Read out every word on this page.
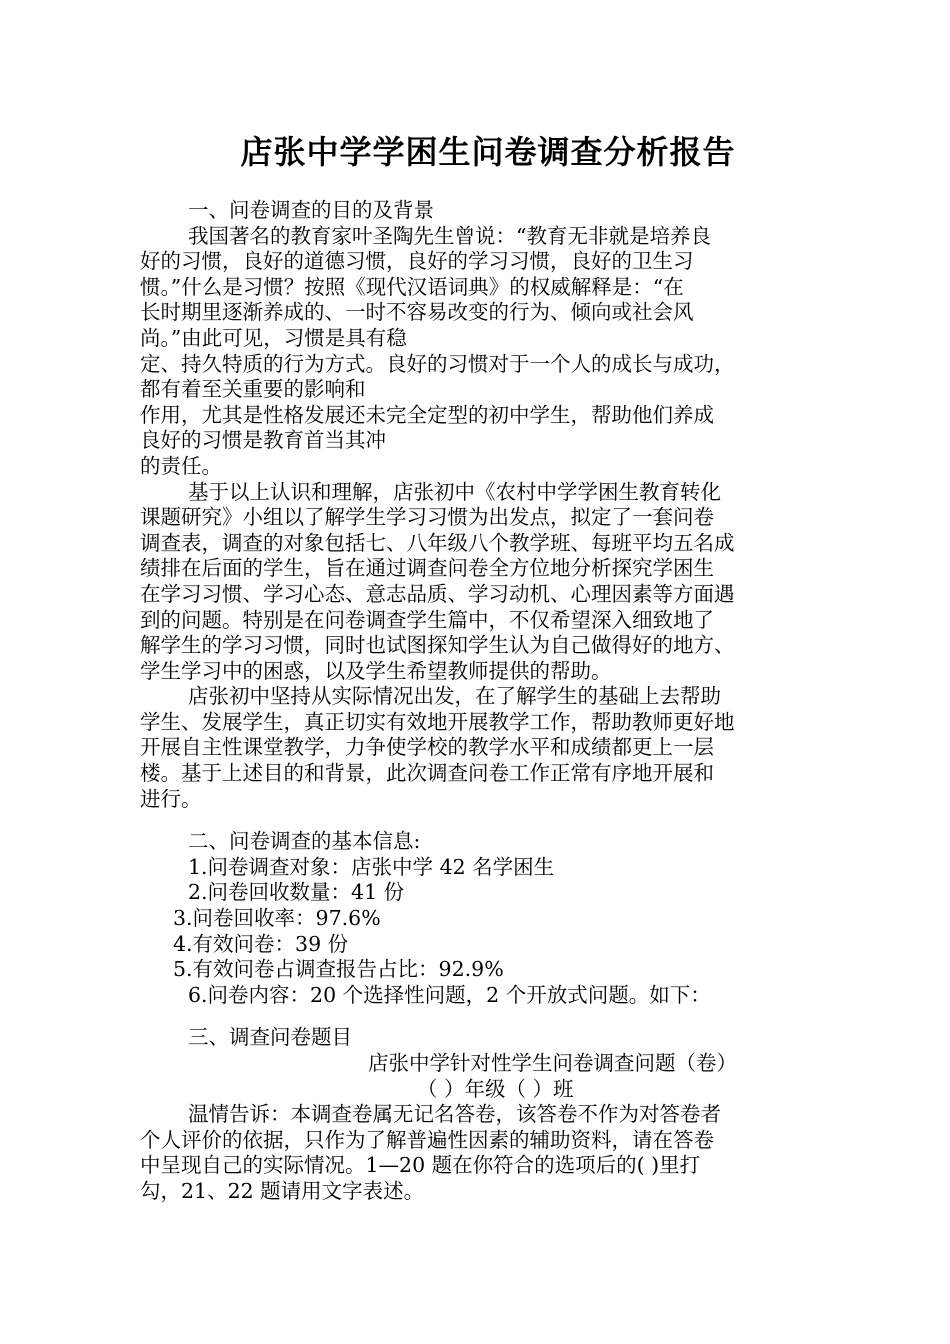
店张中学学困生问卷调查分析报告
一、问卷调查的目的及背景
我国著名的教育家叶圣陶先生曾说：“教育无非就是培养良
好的习惯，良好的道德习惯，良好的学习习惯，良好的卫生习
惯。”什么是习惯？按照《现代汉语词典》的权威解释是：“在
长时期里逐渐养成的、一时不容易改变的行为、倾向或社会风
尚。”由此可见，习惯是具有稳
定、持久特质的行为方式。良好的习惯对于一个人的成长与成功，
都有着至关重要的影响和
作用，尤其是性格发展还未完全定型的初中学生，帮助他们养成
良好的习惯是教育首当其冲
的责任。
基于以上认识和理解，店张初中《农村中学学困生教育转化
课题研究》小组以了解学生学习习惯为出发点，拟定了一套问卷
调查表，调查的对象包括七、八年级八个教学班、每班平均五名成
绩排在后面的学生，旨在通过调查问卷全方位地分析探究学困生
在学习习惯、学习心态、意志品质、学习动机、心理因素等方面遇
到的问题。特别是在问卷调查学生篇中，不仅希望深入细致地了
解学生的学习习惯，同时也试图探知学生认为自己做得好的地方、
学生学习中的困惑，以及学生希望教师提供的帮助。
店张初中坚持从实际情况出发，在了解学生的基础上去帮助
学生、发展学生，真正切实有效地开展教学工作，帮助教师更好地
开展自主性课堂教学，力争使学校的教学水平和成绩都更上一层
楼。基于上述目的和背景，此次调查问卷工作正常有序地开展和
进行。
二、问卷调查的基本信息:
1.问卷调查对象：店张中学 42 名学困生
2.问卷回收数量：41 份
3.问卷回收率：97.6%
4.有效问卷：39 份
5.有效问卷占调查报告占比：92.9%
6.问卷内容：20 个选择性问题，2 个开放式问题。如下：
三、调查问卷题目
店张中学针对性学生问卷调查问题（卷）
（ ）年级（ ）班
温情告诉：本调查卷属无记名答卷，该答卷不作为对答卷者
个人评价的依据，只作为了解普遍性因素的辅助资料，请在答卷
中呈现自己的实际情况。1—20 题在你符合的选项后的( )里打
勾，21、22 题请用文字表述。
